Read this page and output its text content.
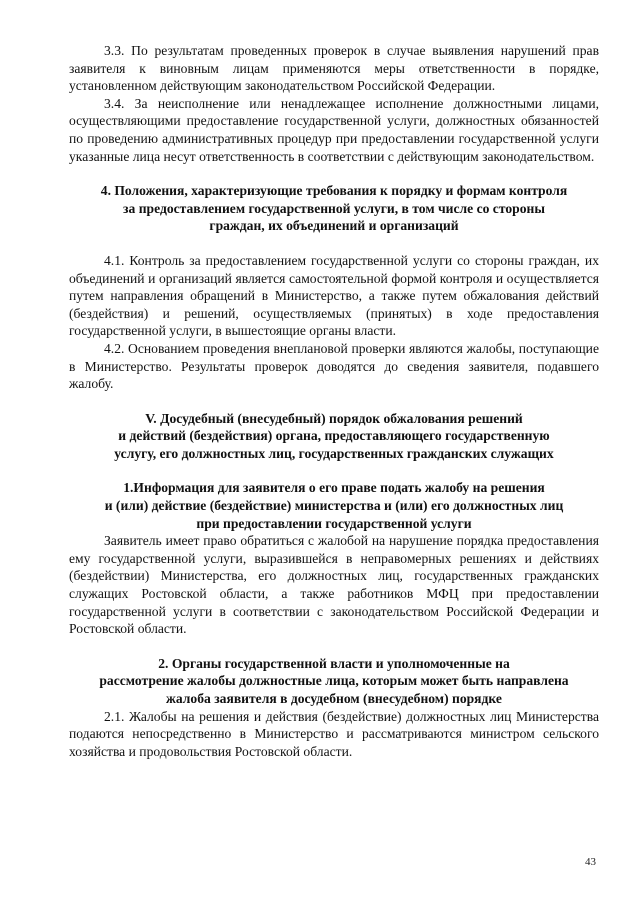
3.3. По результатам проведенных проверок в случае выявления нарушений прав заявителя к виновным лицам применяются меры ответственности в порядке, установленном действующим законодательством Российской Федерации.

3.4. За неисполнение или ненадлежащее исполнение должностными лицами, осуществляющими предоставление государственной услуги, должностных обязанностей по проведению административных процедур при предоставлении государственной услуги указанные лица несут ответственность в соответствии с действующим законодательством.

4. Положения, характеризующие требования к порядку и формам контроля
за предоставлением государственной услуги, в том числе со стороны
граждан, их объединений и организаций

4.1. Контроль за предоставлением государственной услуги со стороны граждан, их объединений и организаций является самостоятельной формой контроля и осуществляется путем направления обращений в Министерство, а также путем обжалования действий (бездействия) и решений, осуществляемых (принятых) в ходе предоставления государственной услуги, в вышестоящие органы власти.

4.2. Основанием проведения внеплановой проверки являются жалобы, поступающие в Министерство. Результаты проверок доводятся до сведения заявителя, подавшего жалобу.

V. Досудебный (внесудебный) порядок обжалования решений
и действий (бездействия) органа, предоставляющего государственную
услугу, его должностных лиц, государственных гражданских служащих
1.Информация для заявителя о его праве подать жалобу на решения
и (или) действие (бездействие) министерства и (или) его должностных лиц
при предоставлении государственной услуги

Заявитель имеет право обратиться с жалобой на нарушение порядка предоставления ему государственной услуги, выразившейся в неправомерных решениях и действиях (бездействии) Министерства, его должностных лиц, государственных гражданских служащих Ростовской области, а также работников МФЦ при предоставлении государственной услуги в соответствии с законодательством Российской Федерации и Ростовской области.

2. Органы государственной власти и уполномоченные на
рассмотрение жалобы должностные лица, которым может быть направлена
жалоба заявителя в досудебном (внесудебном) порядке

2.1. Жалобы на решения и действия (бездействие) должностных лиц Министерства подаются непосредственно в Министерство и рассматриваются министром сельского хозяйства и продовольствия Ростовской области.

43
